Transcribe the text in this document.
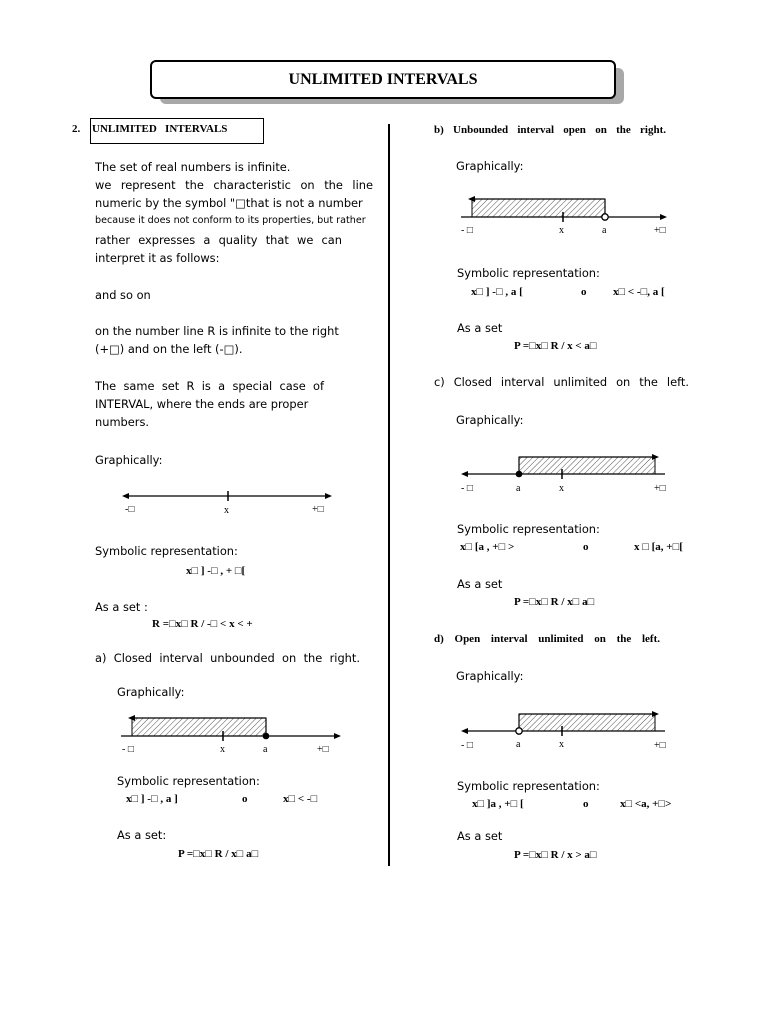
UNLIMITED INTERVALS
2. UNLIMITED   INTERVALS
The set of real numbers is infinite.
we represent the characteristic on the line
numeric by the symbol "□that is not a number
because it does not conform to its properties, but rather
rather expresses a quality that we can
interpret it as follows:
and so on
on the number line R is infinite to the right
(+□) and on the left (-□).
The same set R is a special case of
INTERVAL, where the ends are proper
numbers.
Graphically:
-□	x	+□
Symbolic representation:
x□ ] -□ , + □[
As a set :
R =□x□ R / -□ < x < +
a) Closed interval unbounded on the right.
Graphically:
- □	x	a	+□
Symbolic representation:
x□ ] -□ , a ]	o	x□ < -□
As a set:
P =□x□ R / x□ a□
b) Unbounded interval open on the right.
Graphically:
- □	x	a	+□
Symbolic representation:
x□ ] -□ , a [	o x□ < -□, a [
As a set
P =□x□ R / x < a□
c) Closed interval unlimited on the left.
Graphically:
- □	a	x	+□
Symbolic representation:
x□ [a , +□ >	o	x □ [a, +□[
As a set
P =□x□ R / x□ a□
d) Open interval unlimited on the left.
Graphically:
- □	a	x	+□
Symbolic representation:
x□ ]a , +□ [	o	x□ <a, +□>
As a set
P =□x□ R / x > a□
